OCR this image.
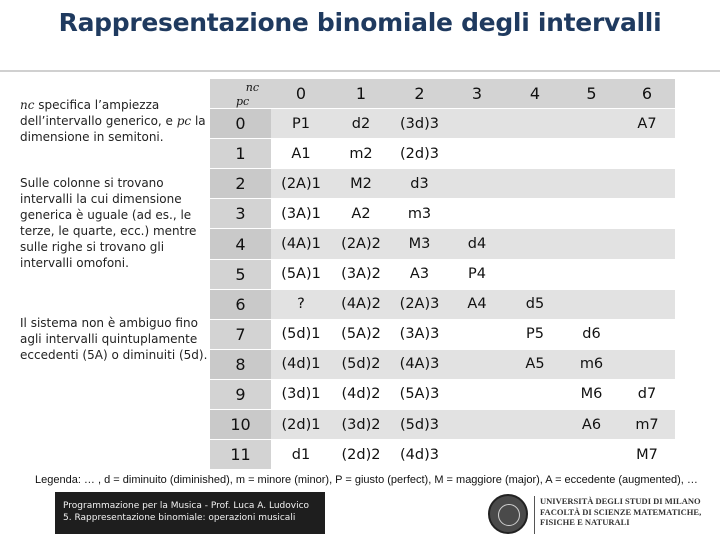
Rappresentazione binomiale degli intervalli
nc specifica l’ampiezza dell’intervallo generico, e pc la dimensione in semitoni.
Sulle colonne si trovano intervalli la cui dimensione generica è uguale (ad es., le terze, le quarte, ecc.) mentre sulle righe si trovano gli intervalli omofoni.
Il sistema non è ambiguo fino agli intervalli quintuplamente eccedenti (5A) o diminuiti (5d).
nc
pc	0	1	2	3	4	5	6
0	P1	d2	(3d)3				A7
1	A1	m2	(2d)3				
2	(2A)1	M2	d3				
3	(3A)1	A2	m3				
4	(4A)1	(2A)2	M3	d4			
5	(5A)1	(3A)2	A3	P4			
6	?	(4A)2	(2A)3	A4	d5		
7	(5d)1	(5A)2	(3A)3		P5	d6	
8	(4d)1	(5d)2	(4A)3		A5	m6	
9	(3d)1	(4d)2	(5A)3			M6	d7
10	(2d)1	(3d)2	(5d)3			A6	m7
11	d1	(2d)2	(4d)3				M7
Legenda: … , d = diminuito (diminished), m = minore (minor), P = giusto (perfect), M = maggiore (major), A = eccedente (augmented), …
Programmazione per la Musica - Prof. Luca A. Ludovico
5. Rappresentazione binomiale: operazioni musicali
UNIVERSITÀ DEGLI STUDI DI MILANO
FACOLTÀ DI SCIENZE MATEMATICHE,
FISICHE E NATURALI
